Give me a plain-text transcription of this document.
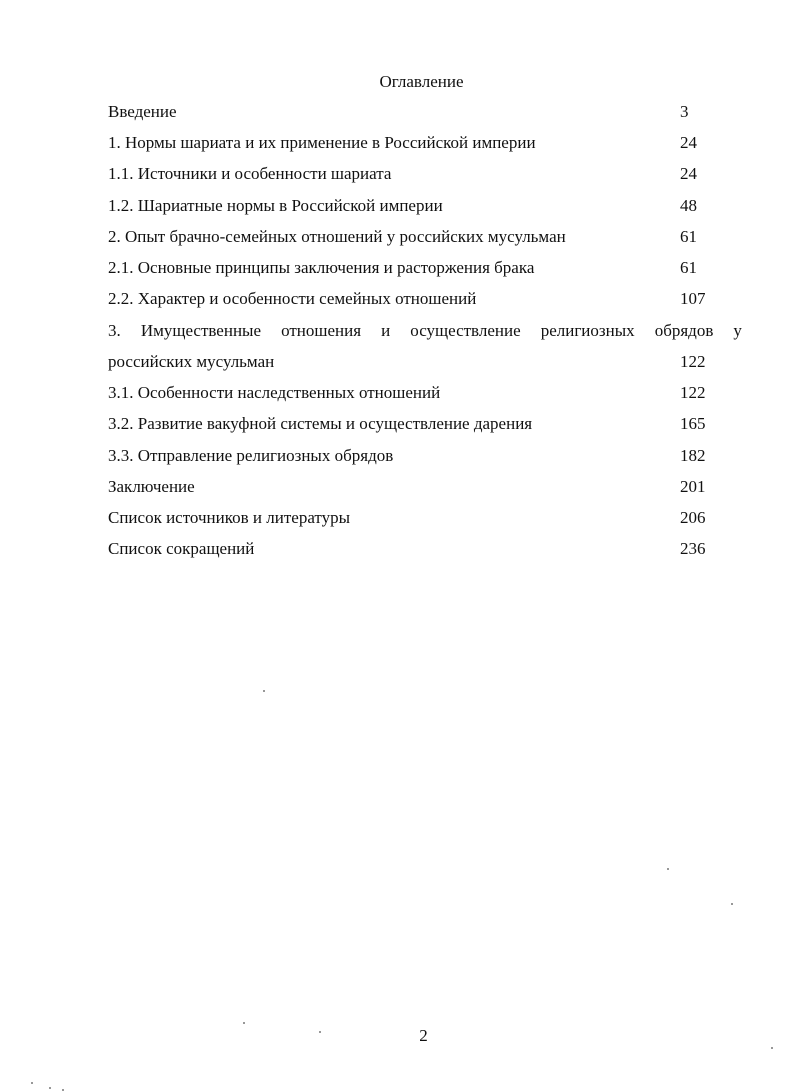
Оглавление
Введение	3
1. Нормы шариата и их применение в Российской империи	24
1.1. Источники и особенности шариата	24
1.2. Шариатные нормы в Российской империи	48
2. Опыт брачно-семейных отношений у российских мусульман	61
2.1. Основные принципы заключения и расторжения брака	61
2.2. Характер и особенности семейных отношений	107
3. Имущественные отношения и осуществление религиозных обрядов у
российских мусульман	122
3.1. Особенности наследственных отношений	122
3.2. Развитие вакуфной системы и осуществление дарения	165
3.3. Отправление религиозных обрядов	182
Заключение	201
Список источников и литературы	206
Список сокращений	236
2
